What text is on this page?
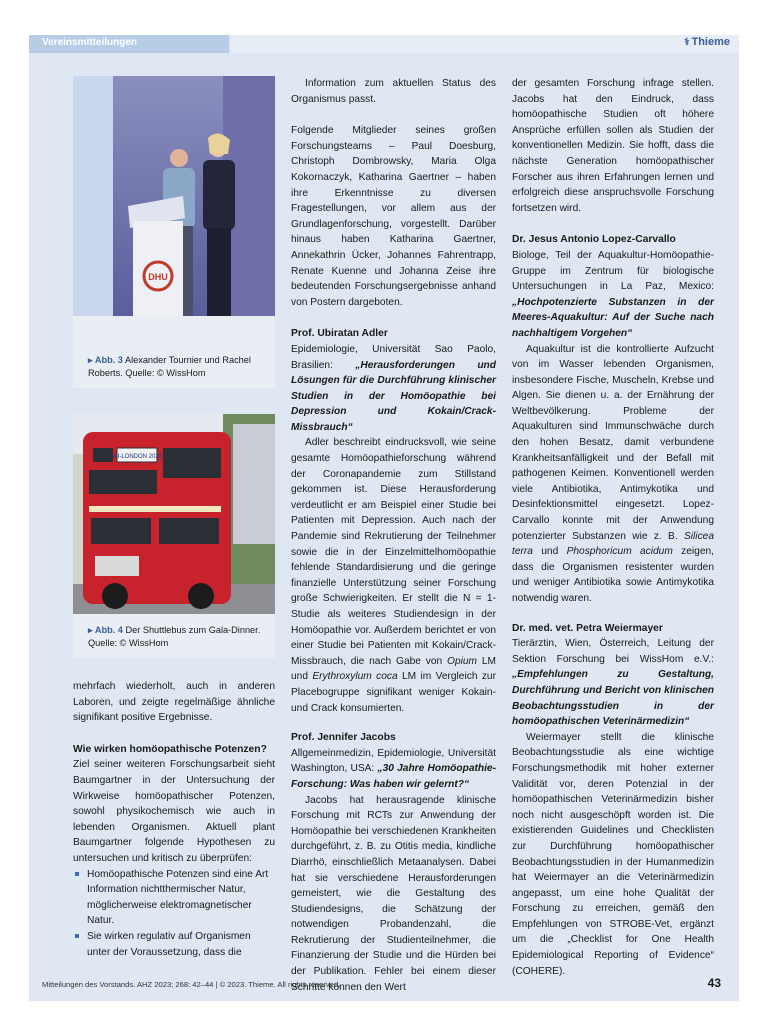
Vereinsmitteilungen	⚕ Thieme
DHU
▸ Abb. 3 Alexander Tournier und Rachel Roberts. Quelle: © WissHom
WI-LONDON 2023
▸ Abb. 4 Der Shuttlebus zum Gala-Dinner. Quelle: © WissHom

mehrfach wiederholt, auch in anderen Laboren, und zeigte regelmäßige ähnliche signifikant positive Ergebnisse.

Wie wirken homöopathische Potenzen?

Ziel seiner weiteren Forschungsarbeit sieht Baumgartner in der Untersuchung der Wirkweise homöopathischer Potenzen, sowohl physikochemisch wie auch in lebenden Organismen. Aktuell plant Baumgartner folgende Hypothesen zu untersuchen und kritisch zu überprüfen:

Homöopathische Potenzen sind eine Art Information nichtthermischer Natur, möglicherweise elektromagnetischer Natur.
Sie wirken regulativ auf Organismen unter der Voraussetzung, dass die

Information zum aktuellen Status des Organismus passt.

Folgende Mitglieder seines großen Forschungsteams – Paul Doesburg, Christoph Dombrowsky, Maria Olga Kokornaczyk, Katharina Gaertner – haben ihre Erkenntnisse zu diversen Fragestellungen, vor allem aus der Grundlagenforschung, vorgestellt. Darüber hinaus haben Katharina Gaertner, Annekathrin Ücker, Johannes Fahrentrapp, Renate Kuenne und Johanna Zeise ihre bedeutenden Forschungsergebnisse anhand von Postern dargeboten.

Prof. Ubiratan Adler

Epidemiologie, Universität Sao Paolo, Brasilien: „Herausforderungen und Lösungen für die Durchführung klinischer Studien in der Homöopathie bei Depression und Kokain/Crack-Missbrauch“

Adler beschreibt eindrucksvoll, wie seine gesamte Homöopathieforschung während der Coronapandemie zum Stillstand gekommen ist. Diese Herausforderung verdeutlicht er am Beispiel einer Studie bei Patienten mit Depression. Auch nach der Pandemie sind Rekrutierung der Teilnehmer sowie die in der Einzelmittelhomöopathie fehlende Standardisierung und die geringe finanzielle Unterstützung seiner Forschung große Schwierigkeiten. Er stellt die N = 1-Studie als weiteres Studiendesign in der Homöopathie vor. Außerdem berichtet er von einer Studie bei Patienten mit Kokain/Crack-Missbrauch, die nach Gabe von Opium LM und Erythroxylum coca LM im Vergleich zur Placebogruppe signifikant weniger Kokain- und Crack konsumierten.

Prof. Jennifer Jacobs

Allgemeinmedizin, Epidemiologie, Universität Washington, USA: „30 Jahre Homöopathie-Forschung: Was haben wir gelernt?“

Jacobs hat herausragende klinische Forschung mit RCTs zur Anwendung der Homöopathie bei verschiedenen Krankheiten durchgeführt, z. B. zu Otitis media, kindliche Diarrhö, einschließlich Metaanalysen. Dabei hat sie verschiedene Herausforderungen gemeistert, wie die Gestaltung des Studiendesigns, die Schätzung der notwendigen Probandenzahl, die Rekrutierung der Studienteilnehmer, die Finanzierung der Studie und die Hürden bei der Publikation. Fehler bei einem dieser Schritte können den Wert

der gesamten Forschung infrage stellen. Jacobs hat den Eindruck, dass homöopathische Studien oft höhere Ansprüche erfüllen sollen als Studien der konventionellen Medizin. Sie hofft, dass die nächste Generation homöopathischer Forscher aus ihren Erfahrungen lernen und erfolgreich diese anspruchsvolle Forschung fortsetzen wird.

Dr. Jesus Antonio Lopez-Carvallo

Biologe, Teil der Aquakultur-Homöopathie-Gruppe im Zentrum für biologische Untersuchungen in La Paz, Mexico: „Hochpotenzierte Substanzen in der Meeres-Aquakultur: Auf der Suche nach nachhaltigem Vorgehen“

Aquakultur ist die kontrollierte Aufzucht von im Wasser lebenden Organismen, insbesondere Fische, Muscheln, Krebse und Algen. Sie dienen u. a. der Ernährung der Weltbevölkerung. Probleme der Aquakulturen sind Immunschwäche durch den hohen Besatz, damit verbundene Krankheitsanfälligkeit und der Befall mit pathogenen Keimen. Konventionell werden viele Antibiotika, Antimykotika und Desinfektionsmittel eingesetzt. Lopez-Carvallo konnte mit der Anwendung potenzierter Substanzen wie z. B. Silicea terra und Phosphoricum acidum zeigen, dass die Organismen resistenter wurden und weniger Antibiotika sowie Antimykotika notwendig waren.

Dr. med. vet. Petra Weiermayer

Tierärztin, Wien, Österreich, Leitung der Sektion Forschung bei WissHom e.V.: „Empfehlungen zu Gestaltung, Durchführung und Bericht von klinischen Beobachtungsstudien in der homöopathischen Veterinärmedizin“

Weiermayer stellt die klinische Beobachtungsstudie als eine wichtige Forschungsmethodik mit hoher externer Validität vor, deren Potenzial in der homöopathischen Veterinärmedizin bisher noch nicht ausgeschöpft worden ist. Die existierenden Guidelines und Checklisten zur Durchführung homöopathischer Beobachtungsstudien in der Humanmedizin hat Weiermayer an die Veterinärmedizin angepasst, um eine hohe Qualität der Forschung zu erreichen, gemäß den Empfehlungen von STROBE-Vet, ergänzt um die „Checklist for One Health Epidemiological Reporting of Evidence“ (COHERE).

Mitteilungen des Vorstands. AHZ 2023; 268: 42–44 | © 2023. Thieme. All rights reserved.	43
